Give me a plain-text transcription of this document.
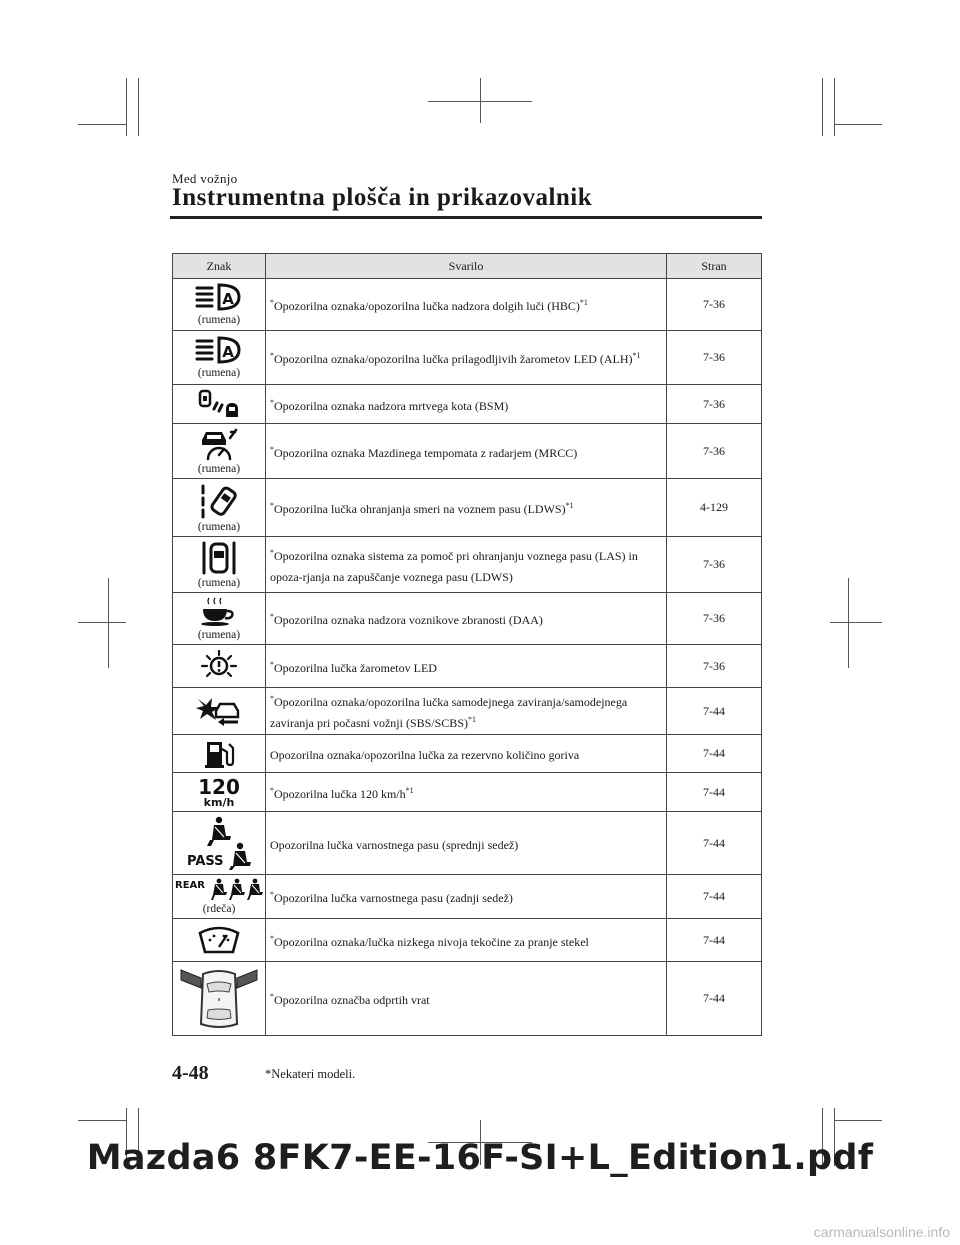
Med vožnjo
Instrumentna plošča in prikazovalnik
Znak	Svarilo	Stran

A
(rumena)	*Opozorilna oznaka/opozorilna lučka nadzora dolgih luči (HBC)$^{*1}$	7-36

A
(rumena)	*Opozorilna oznaka/opozorilna lučka prilagodljivih žarometov LED (ALH)$^{*1}$	7-36

	*Opozorilna oznaka nadzora mrtvega kota (BSM)	7-36

(rumena)	*Opozorilna oznaka Mazdinega tempomata z radarjem (MRCC)	7-36

(rumena)	*Opozorilna lučka ohranjanja smeri na voznem pasu (LDWS)$^{*1}$	4-129

(rumena)	*Opozorilna oznaka sistema za pomoč pri ohranjanju voznega pasu (LAS) in opoza-rjanja na zapuščanje voznega pasu (LDWS)	7-36

(rumena)	*Opozorilna oznaka nadzora voznikove zbranosti (DAA)	7-36

	*Opozorilna lučka žarometov LED	7-36

	*Opozorilna oznaka/opozorilna lučka samodejnega zaviranja/samodejnega zaviranja pri počasni vožnji (SBS/SCBS)$^{*1}$	7-44

	Opozorilna oznaka/opozorilna lučka za rezervno količino goriva	7-44

120
km/h	*Opozorilna lučka 120 km/h$^{*1}$	7-44

PASS	Opozorilna lučka varnostnega pasu (sprednji sedež)	7-44

REAR
(rdeča)	*Opozorilna lučka varnostnega pasu (zadnji sedež)	7-44

	*Opozorilna oznaka/lučka nizkega nivoja tekočine za pranje stekel	7-44

	*Opozorilna označba odprtih vrat	7-44
4-48	*Nekateri modeli.
Mazda6 8FK7-EE-16F-SI+L_Edition1.pdf
carmanualsonline.info
